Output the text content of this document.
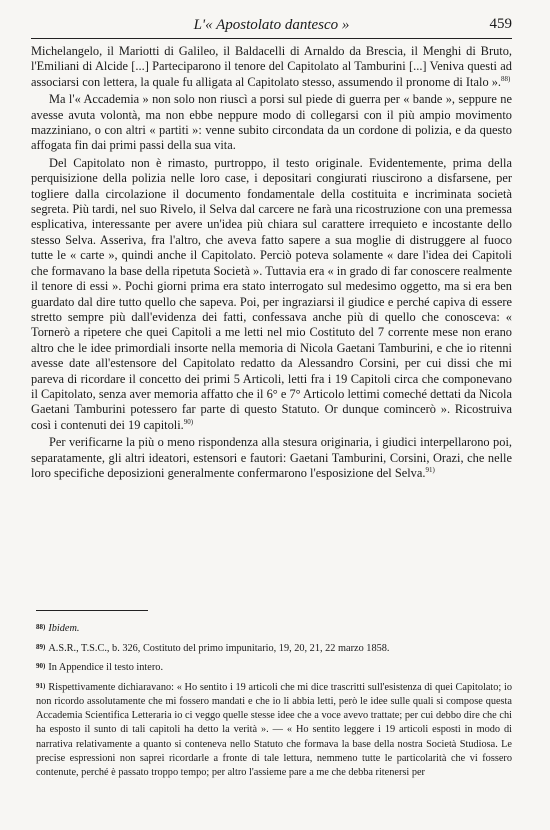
L'« Apostolato dantesco »	459

Michelangelo, il Mariotti di Galileo, il Baldacelli di Arnaldo da Brescia, il Menghi di Bruto, l'Emiliani di Alcide [...] Parteciparono il tenore del Capitolato al Tamburini [...] Veniva questi ad associarsi con lettera, la quale fu alligata al Capitolato stesso, assumendo il pronome di Italo ».$^{88)}$

Ma l'« Accademia » non solo non riuscì a porsi sul piede di guerra per « bande », seppure ne avesse avuta volontà, ma non ebbe neppure modo di collegarsi con il più ampio movimento mazziniano, o con altri « partiti »: venne subito circondata da un cordone di polizia, e da questo affogata fin dai primi passi della sua vita.

Del Capitolato non è rimasto, purtroppo, il testo originale. Evidentemente, prima della perquisizione della polizia nelle loro case, i depositari congiurati riuscirono a disfarsene, per togliere dalla circolazione il documento fondamentale della costituita e incriminata società segreta. Più tardi, nel suo Rivelo, il Selva dal carcere ne farà una ricostruzione con una premessa esplicativa, interessante per avere un'idea più chiara sul carattere irrequieto e incostante dello stesso Selva. Asseriva, fra l'altro, che aveva fatto sapere a sua moglie di distruggere al fuoco tutte le « carte », quindi anche il Capitolato. Perciò poteva solamente « dare l'idea dei Capitoli che formavano la base della ripetuta Società ». Tuttavia era « in grado di far conoscere realmente il tenore di essi ». Pochi giorni prima era stato interrogato sul medesimo oggetto, ma si era ben guardato dal dire tutto quello che sapeva. Poi, per ingraziarsi il giudice e perché capiva di essere stretto sempre più dall'evidenza dei fatti, confessava anche più di quello che conosceva: « Tornerò a ripetere che quei Capitoli a me letti nel mio Costituto del 7 corrente mese non erano altro che le idee primordiali insorte nella memoria di Nicola Gaetani Tamburini, e che io ritenni avesse date all'estensore del Capitolato redatto da Alessandro Corsini, per cui dissi che mi pareva di ricordare il concetto dei primi 5 Articoli, letti fra i 19 Capitoli circa che componevano il Capitolato, senza aver memoria affatto che il 6° e 7° Articolo lettimi comeché dettati da Nicola Gaetani Tamburini potessero far parte di questo Statuto. Or dunque comincerò ». Ricostruiva così i contenuti dei 19 capitoli.$^{90)}$

Per verificarne la più o meno rispondenza alla stesura originaria, i giudici interpellarono poi, separatamente, gli altri ideatori, estensori e fautori: Gaetani Tamburini, Corsini, Orazi, che nelle loro specifiche deposizioni generalmente confermarono l'esposizione del Selva.$^{91)}$

88) Ibidem.

89) A.S.R., T.S.C., b. 326, Costituto del primo impunitario, 19, 20, 21, 22 marzo 1858.

90) In Appendice il testo intero.

91) Rispettivamente dichiaravano: « Ho sentito i 19 articoli che mi dice trascritti sull'esistenza di quei Capitolato; io non ricordo assolutamente che mi fossero mandati e che io li abbia letti, però le idee sulle quali si compose questa Accademia Scientifica Letteraria io ci veggo quelle stesse idee che a voce avevo trattate; per cui debbo dire che chi ha esposto il sunto di tali capitoli ha detto la verità ». — « Ho sentito leggere i 19 articoli esposti in modo di narrativa relativamente a quanto si conteneva nello Statuto che formava la base della nostra Società Studiosa. Le precise espressioni non saprei ricordarle a fronte di tale lettura, nemmeno tutte le particolarità che vi fossero contenute, perché è passato troppo tempo; per altro l'assieme pare a me che debba ritenersi per
